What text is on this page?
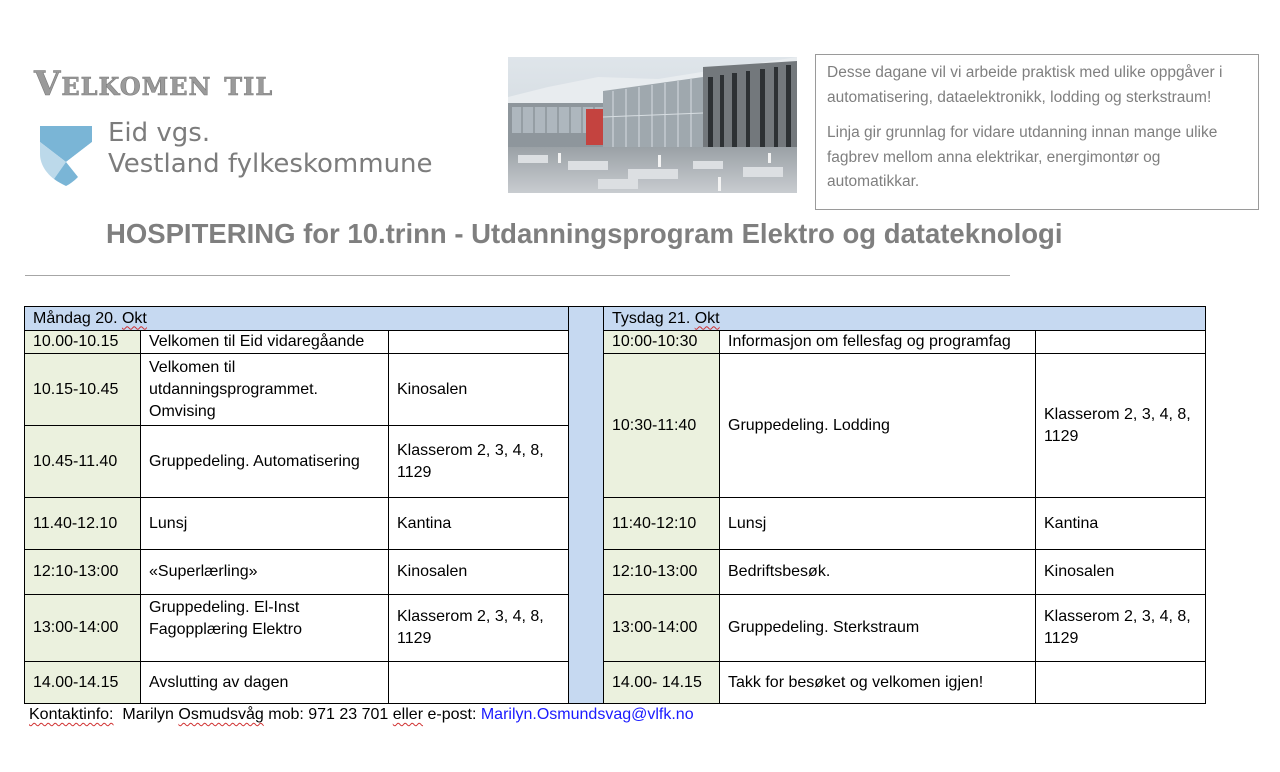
Velkomen til
Eid vgs.
Vestland fylkeskommune

Desse dagane vil vi arbeide praktisk med ulike oppgåver i automatisering, dataelektronikk, lodding og sterkstraum!

Linja gir grunnlag for vidare utdanning innan mange ulike fagbrev mellom anna elektrikar, energimontør og automatikkar.

HOSPITERING for 10.trinn - Utdanningsprogram Elektro og datateknologi
Måndag 20. Okt				Tysdag 21. Okt		
10.00-10.15	Velkomen til Eid vidaregåande			10:00-10:30	Informasjon om fellesfag og programfag	
10.15-10.45	Velkomen til utdanningsprogrammet. Omvising	Kinosalen		10:30-11:40	Gruppedeling. Lodding	Klasserom 2, 3, 4, 8, 1129
10.45-11.40	Gruppedeling. Automatisering	Klasserom 2, 3, 4, 8, 1129				
11.40-12.10	Lunsj	Kantina		11:40-12:10	Lunsj	Kantina
12:10-13:00	«Superlærling»	Kinosalen		12:10-13:00	Bedriftsbesøk.	Kinosalen
13:00-14:00	Gruppedeling. El-Inst
Fagopplæring Elektro	Klasserom 2, 3, 4, 8, 1129		13:00-14:00	Gruppedeling. Sterkstraum	Klasserom 2, 3, 4, 8, 1129
14.00-14.15	Avslutting av dagen			14.00- 14.15	Takk for besøket og velkomen igjen!	
Kontaktinfo: Marilyn Osmudsvåg mob: 971 23 701 eller e-post: Marilyn.Osmundsvag@vlfk.no
